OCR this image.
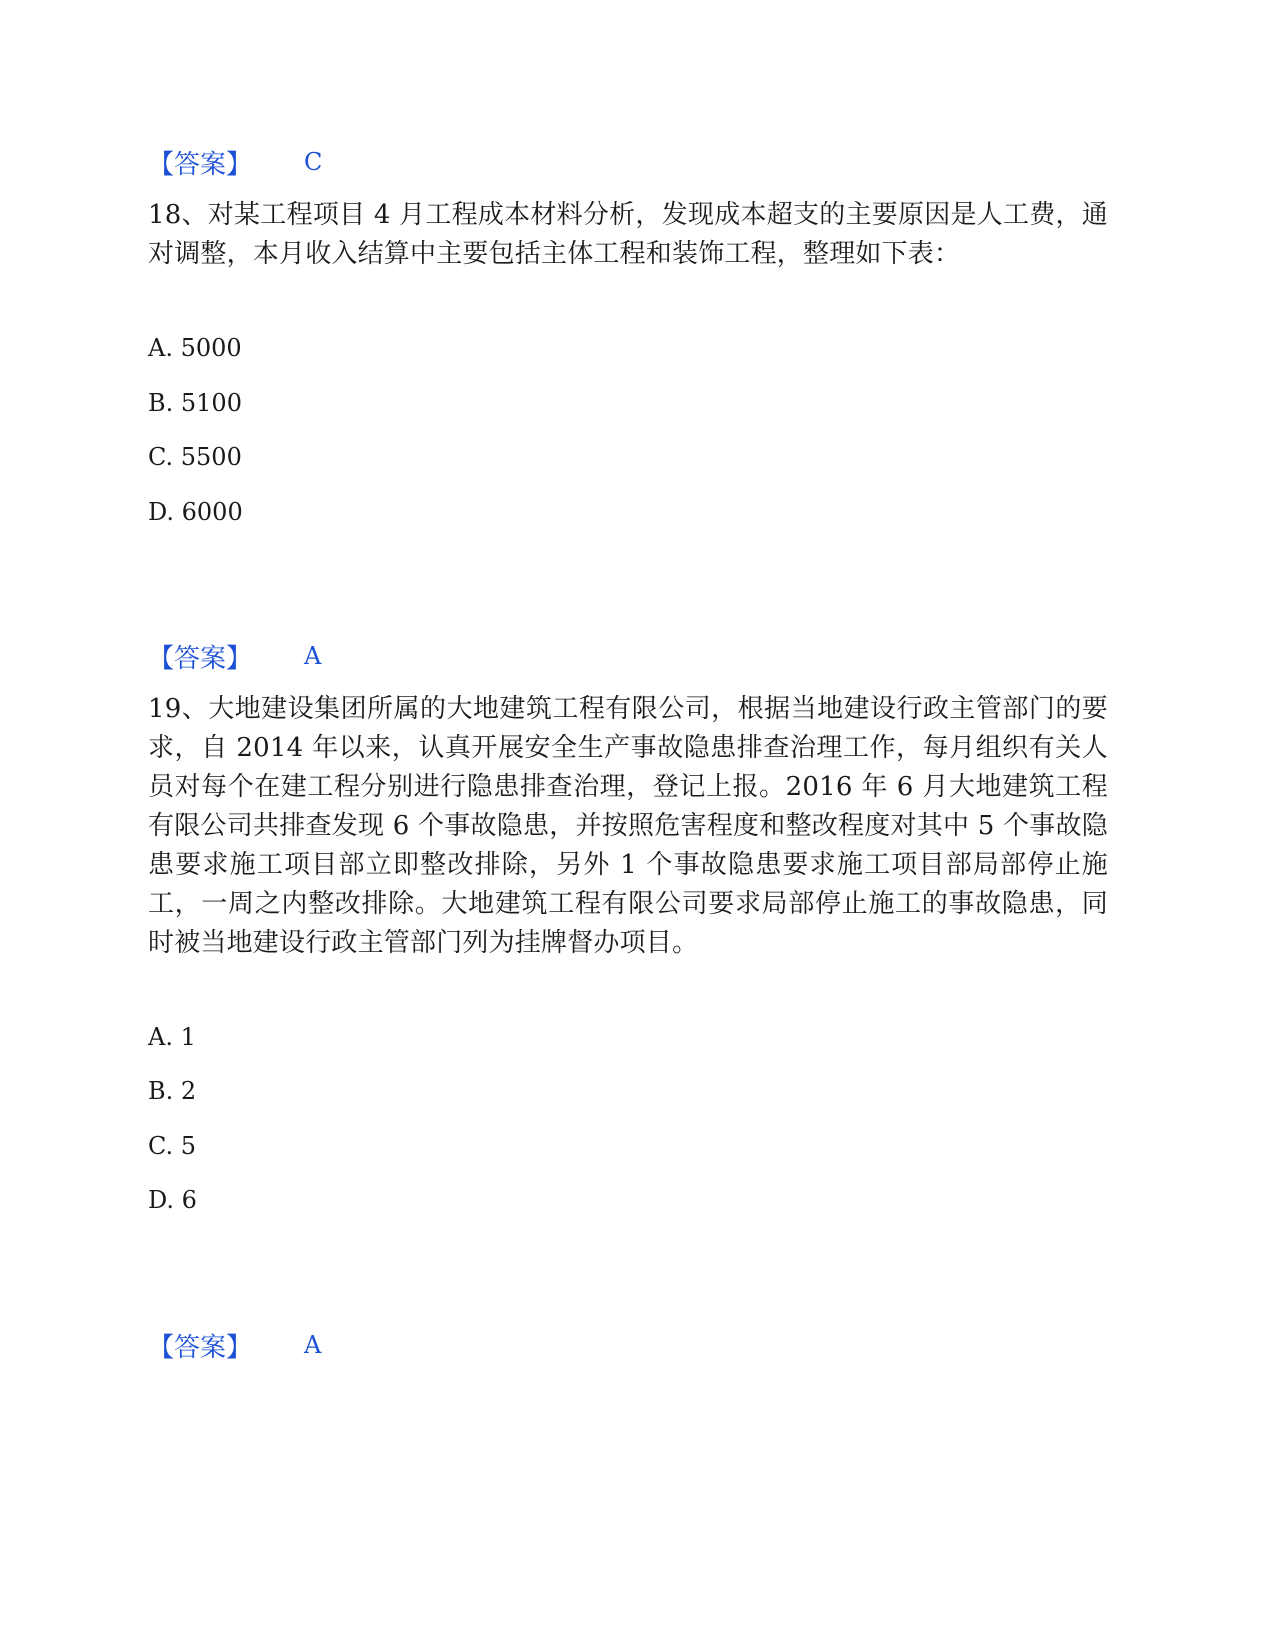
【答案】 C

18、对某工程项目 4 月工程成本材料分析，发现成本超支的主要原因是人工费，通对调整，本月收入结算中主要包括主体工程和装饰工程，整理如下表：

A. 5000

B. 5100

C. 5500

D. 6000

【答案】 A

19、大地建设集团所属的大地建筑工程有限公司，根据当地建设行政主管部门的要求，自 2014 年以来，认真开展安全生产事故隐患排查治理工作，每月组织有关人员对每个在建工程分别进行隐患排查治理，登记上报。2016 年 6 月大地建筑工程有限公司共排查发现 6 个事故隐患，并按照危害程度和整改程度对其中 5 个事故隐患要求施工项目部立即整改排除，另外 1 个事故隐患要求施工项目部局部停止施工，一周之内整改排除。大地建筑工程有限公司要求局部停止施工的事故隐患，同时被当地建设行政主管部门列为挂牌督办项目。

A. 1

B. 2

C. 5

D. 6

【答案】 A
